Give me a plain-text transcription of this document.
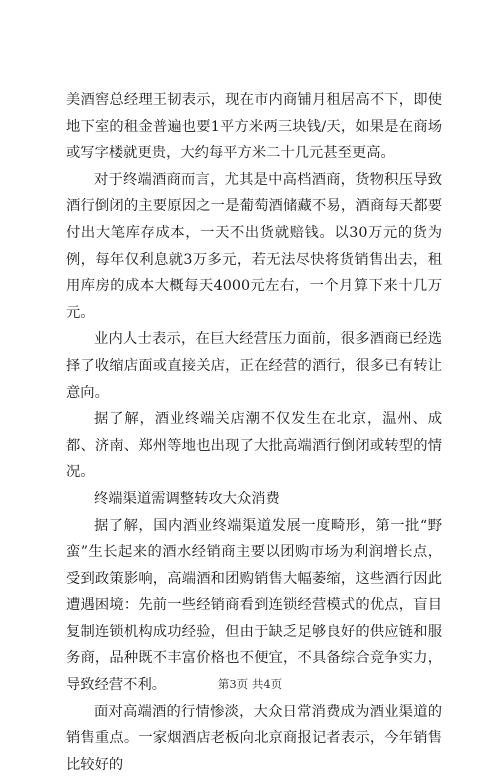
美酒窖总经理王韧表示，现在市内商铺月租居高不下，即使地下室的租金普遍也要1平方米两三块钱/天，如果是在商场或写字楼就更贵，大约每平方米二十几元甚至更高。

对于终端酒商而言，尤其是中高档酒商，货物积压导致酒行倒闭的主要原因之一是葡萄酒储藏不易，酒商每天都要付出大笔库存成本，一天不出货就赔钱。以30万元的货为例，每年仅利息就3万多元，若无法尽快将货销售出去，租用库房的成本大概每天4000元左右，一个月算下来十几万元。

业内人士表示，在巨大经营压力面前，很多酒商已经选择了收缩店面或直接关店，正在经营的酒行，很多已有转让意向。

据了解，酒业终端关店潮不仅发生在北京，温州、成都、济南、郑州等地也出现了大批高端酒行倒闭或转型的情况。

终端渠道需调整转攻大众消费

据了解，国内酒业终端渠道发展一度畸形，第一批“野蛮”生长起来的酒水经销商主要以团购市场为利润增长点，受到政策影响，高端酒和团购销售大幅萎缩，这些酒行因此遭遇困境：先前一些经销商看到连锁经营模式的优点，盲目复制连锁机构成功经验，但由于缺乏足够良好的供应链和服务商，品种既不丰富价格也不便宜，不具备综合竞争实力，导致经营不利。

面对高端酒的行情惨淡，大众日常消费成为酒业渠道的销售重点。一家烟酒店老板向北京商报记者表示，今年销售比较好的

第3页 共4页
